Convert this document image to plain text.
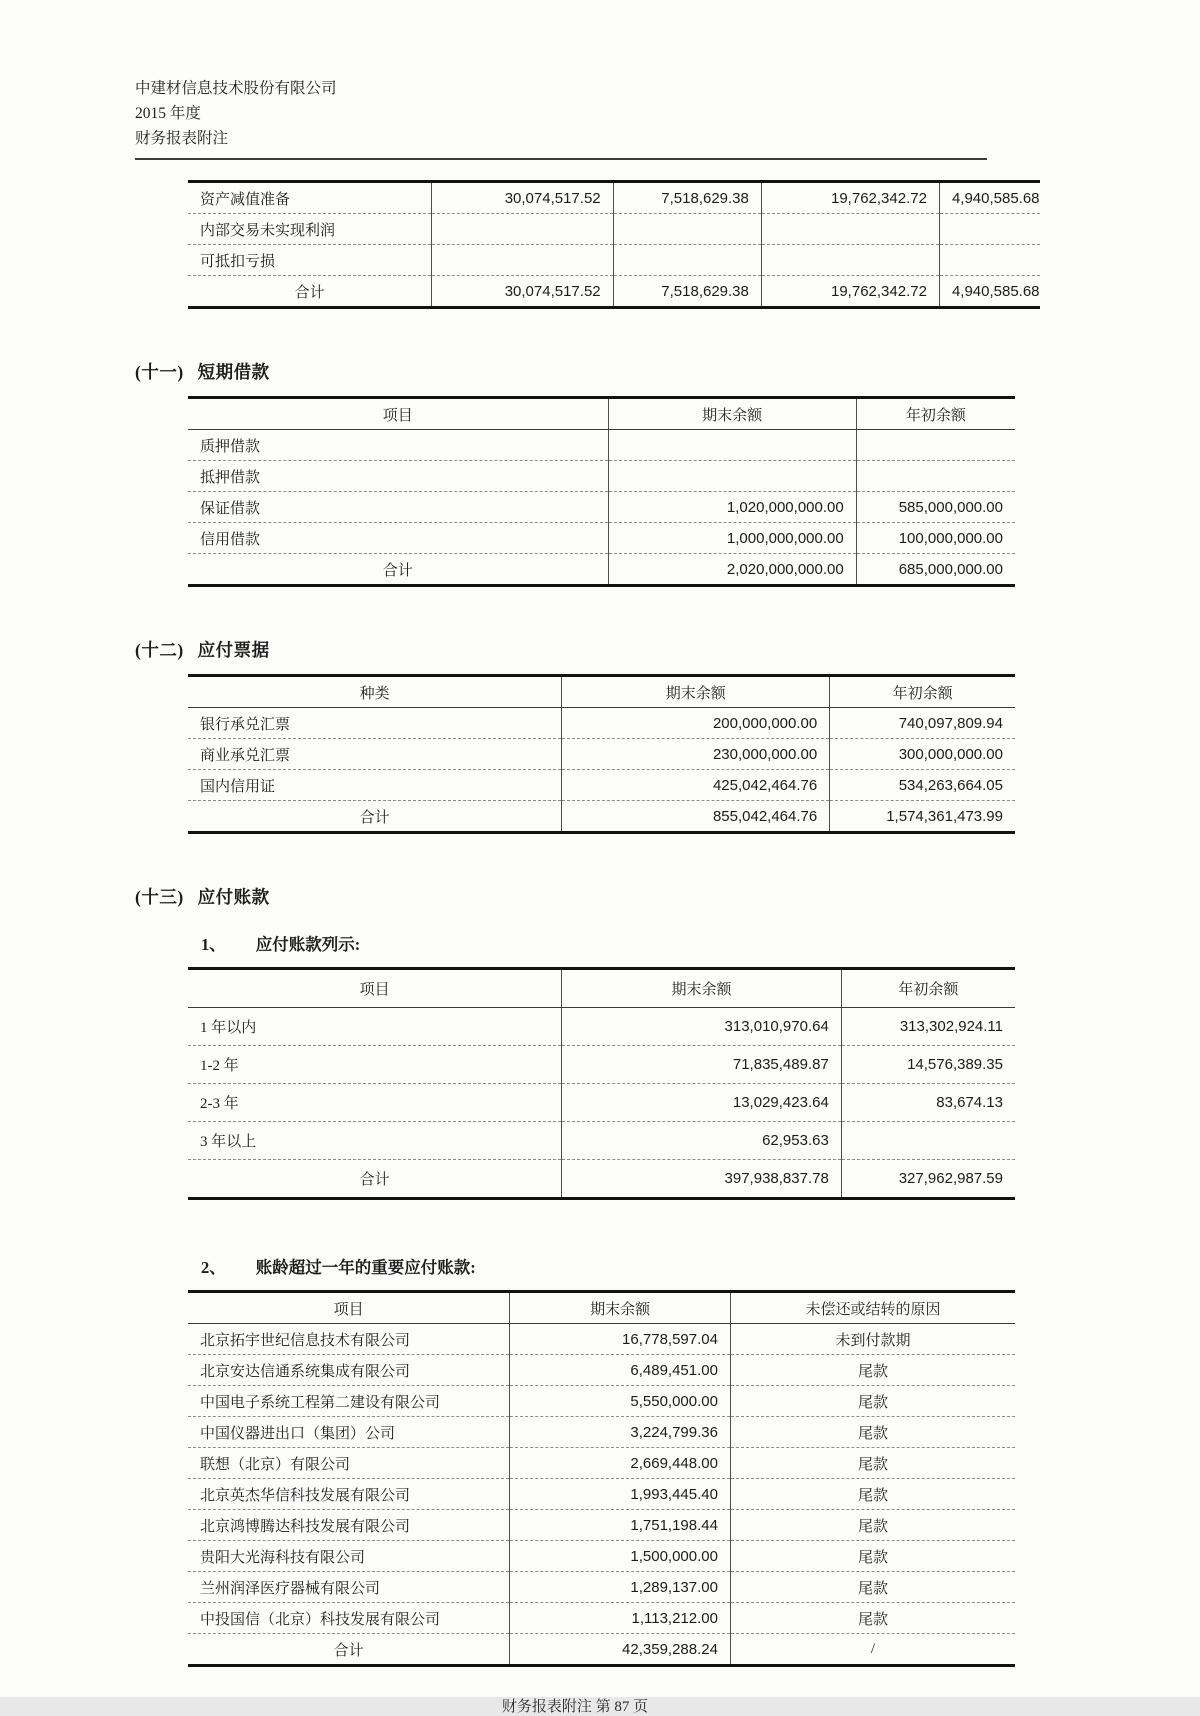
中建材信息技术股份有限公司
2015 年度
财务报表附注
资产减值准备	30,074,517.52	7,518,629.38	19,762,342.72	4,940,585.68
内部交易未实现利润				
可抵扣亏损				
合计	30,074,517.52	7,518,629.38	19,762,342.72	4,940,585.68
(十一) 短期借款
项目	期末余额	年初余额
质押借款		
抵押借款		
保证借款	1,020,000,000.00	585,000,000.00
信用借款	1,000,000,000.00	100,000,000.00
合计	2,020,000,000.00	685,000,000.00
(十二) 应付票据
种类	期末余额	年初余额
银行承兑汇票	200,000,000.00	740,097,809.94
商业承兑汇票	230,000,000.00	300,000,000.00
国内信用证	425,042,464.76	534,263,664.05
合计	855,042,464.76	1,574,361,473.99
(十三) 应付账款
1、 应付账款列示:
项目	期末余额	年初余额
1 年以内	313,010,970.64	313,302,924.11
1-2 年	71,835,489.87	14,576,389.35
2-3 年	13,029,423.64	83,674.13
3 年以上	62,953.63	
合计	397,938,837.78	327,962,987.59
2、 账龄超过一年的重要应付账款:
项目	期末余额	未偿还或结转的原因
北京拓宇世纪信息技术有限公司	16,778,597.04	未到付款期
北京安达信通系统集成有限公司	6,489,451.00	尾款
中国电子系统工程第二建设有限公司	5,550,000.00	尾款
中国仪器进出口（集团）公司	3,224,799.36	尾款
联想（北京）有限公司	2,669,448.00	尾款
北京英杰华信科技发展有限公司	1,993,445.40	尾款
北京鸿博腾达科技发展有限公司	1,751,198.44	尾款
贵阳大光海科技有限公司	1,500,000.00	尾款
兰州润泽医疗器械有限公司	1,289,137.00	尾款
中投国信（北京）科技发展有限公司	1,113,212.00	尾款
合计	42,359,288.24	/
财务报表附注 第 87 页
